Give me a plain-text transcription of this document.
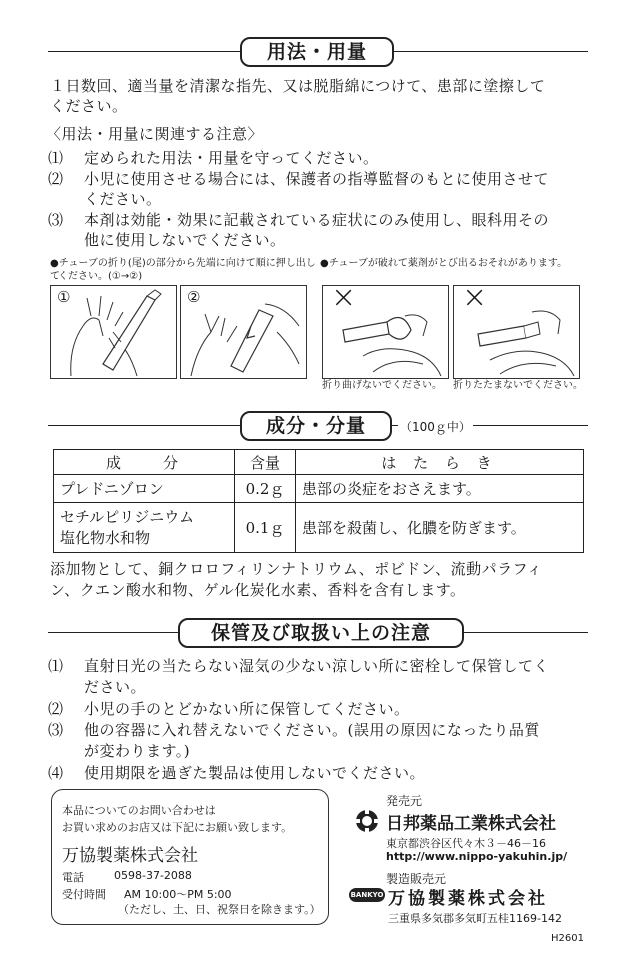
用法・用量
１日数回、適当量を清潔な指先、又は脱脂綿につけて、患部に塗擦して
ください。
〈用法・用量に関連する注意〉
⑴ 定められた用法・用量を守ってください。
⑵ 小児に使用させる場合には、保護者の指導監督のもとに使用させて
ください。
⑶ 本剤は効能・効果に記載されている症状にのみ使用し、眼科用その
他に使用しないでください。
●チューブの折り(尾)の部分から先端に向けて順に押し出して
ください。(①→②)
●チューブが破れて薬剤がとび出るおそれがあります。
①	②	×
折り曲げないでください。
×
折りたたまないでください。
成分・分量	（100ｇ中）
成　　分	含量	は た ら き
プレドニゾロン	0.2ｇ	患部の炎症をおさえます。

セチルピリジニウム
塩化物水和物	0.1ｇ	患部を殺菌し、化膿を防ぎます。
添加物として、銅クロロフィリンナトリウム、ポビドン、流動パラフィ
ン、クエン酸水和物、ゲル化炭化水素、香料を含有します。
保管及び取扱い上の注意
⑴ 直射日光の当たらない湿気の少ない涼しい所に密栓して保管してく
ださい。
⑵ 小児の手のとどかない所に保管してください。
⑶ 他の容器に入れ替えないでください。(誤用の原因になったり品質
が変わります。)
⑷ 使用期限を過ぎた製品は使用しないでください。
本品についてのお問い合わせは
お買い求めのお店又は下記にお願い致します。
万協製薬株式会社
電話	0598-37-2088
受付時間 AM 10:00～PM 5:00
（ただし、土、日、祝祭日を除きます。）
発売元
日邦薬品工業株式会社
東京都渋谷区代々木３－46－16
http://www.nippo-yakuhin.jp/
製造販売元
BANKYO 万協製薬株式会社
三重県多気郡多気町五桂1169-142
H2601
